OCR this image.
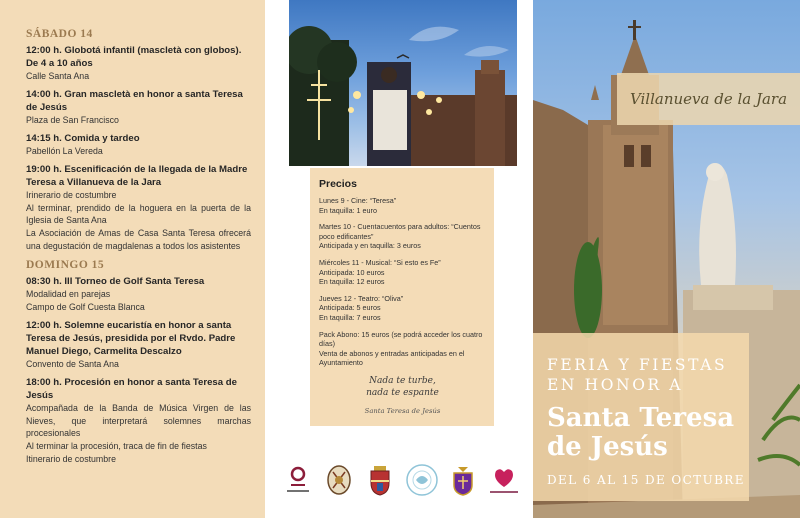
SÁBADO 14
12:00 h. Globotá infantil (mascletà con globos). De 4 a 10 años
Calle Santa Ana
14:00 h. Gran mascletà en honor a santa Teresa de Jesús
Plaza de San Francisco
14:15 h. Comida y tardeo
Pabellón La Vereda
19:00 h. Escenificación de la llegada de la Madre Teresa a Villanueva de la Jara
Irinerario de costumbre
Al terminar, prendido de la hoguera en la puerta de la Iglesia de Santa Ana
La Asociación de Amas de Casa Santa Teresa ofrecerá una degustación de magdalenas a todos los asistentes
DOMINGO 15
08:30 h. III Torneo de Golf Santa Teresa
Modalidad en parejas
Campo de Golf Cuesta Blanca
12:00 h. Solemne eucaristía en honor a santa Teresa de Jesús, presidida por el Rvdo. Padre Manuel Diego, Carmelita Descalzo
Convento de Santa Ana
18:00 h. Procesión en honor a santa Teresa de Jesús
Acompañada de la Banda de Música Virgen de las Nieves, que interpretará solemnes marchas procesionales
Al terminar la procesión, traca de fin de fiestas
Itinerario de costumbre
Precios
Lunes 9 - Cine: “Teresa”
En taquilla: 1 euro
Martes 10 - Cuentacuentos para adultos: “Cuentos poco edificantes”
Anticipada y en taquilla: 3 euros
Miércoles 11 - Musical: “Si esto es Fe”
Anticipada: 10 euros
En taquilla: 12 euros
Jueves 12 - Teatro: “Oliva”
Anticipada: 5 euros
En taquilla: 7 euros
Pack Abono: 15 euros (se podrá acceder los cuatro días)
Venta de abonos y entradas anticipadas en el Ayuntamiento
Nada te turbe,
nada te espante
Santa Teresa de Jesús
Villanueva de la Jara
FERIA Y FIESTAS
EN HONOR A
Santa Teresa
de Jesús
DEL 6 AL 15 DE OCTUBRE
